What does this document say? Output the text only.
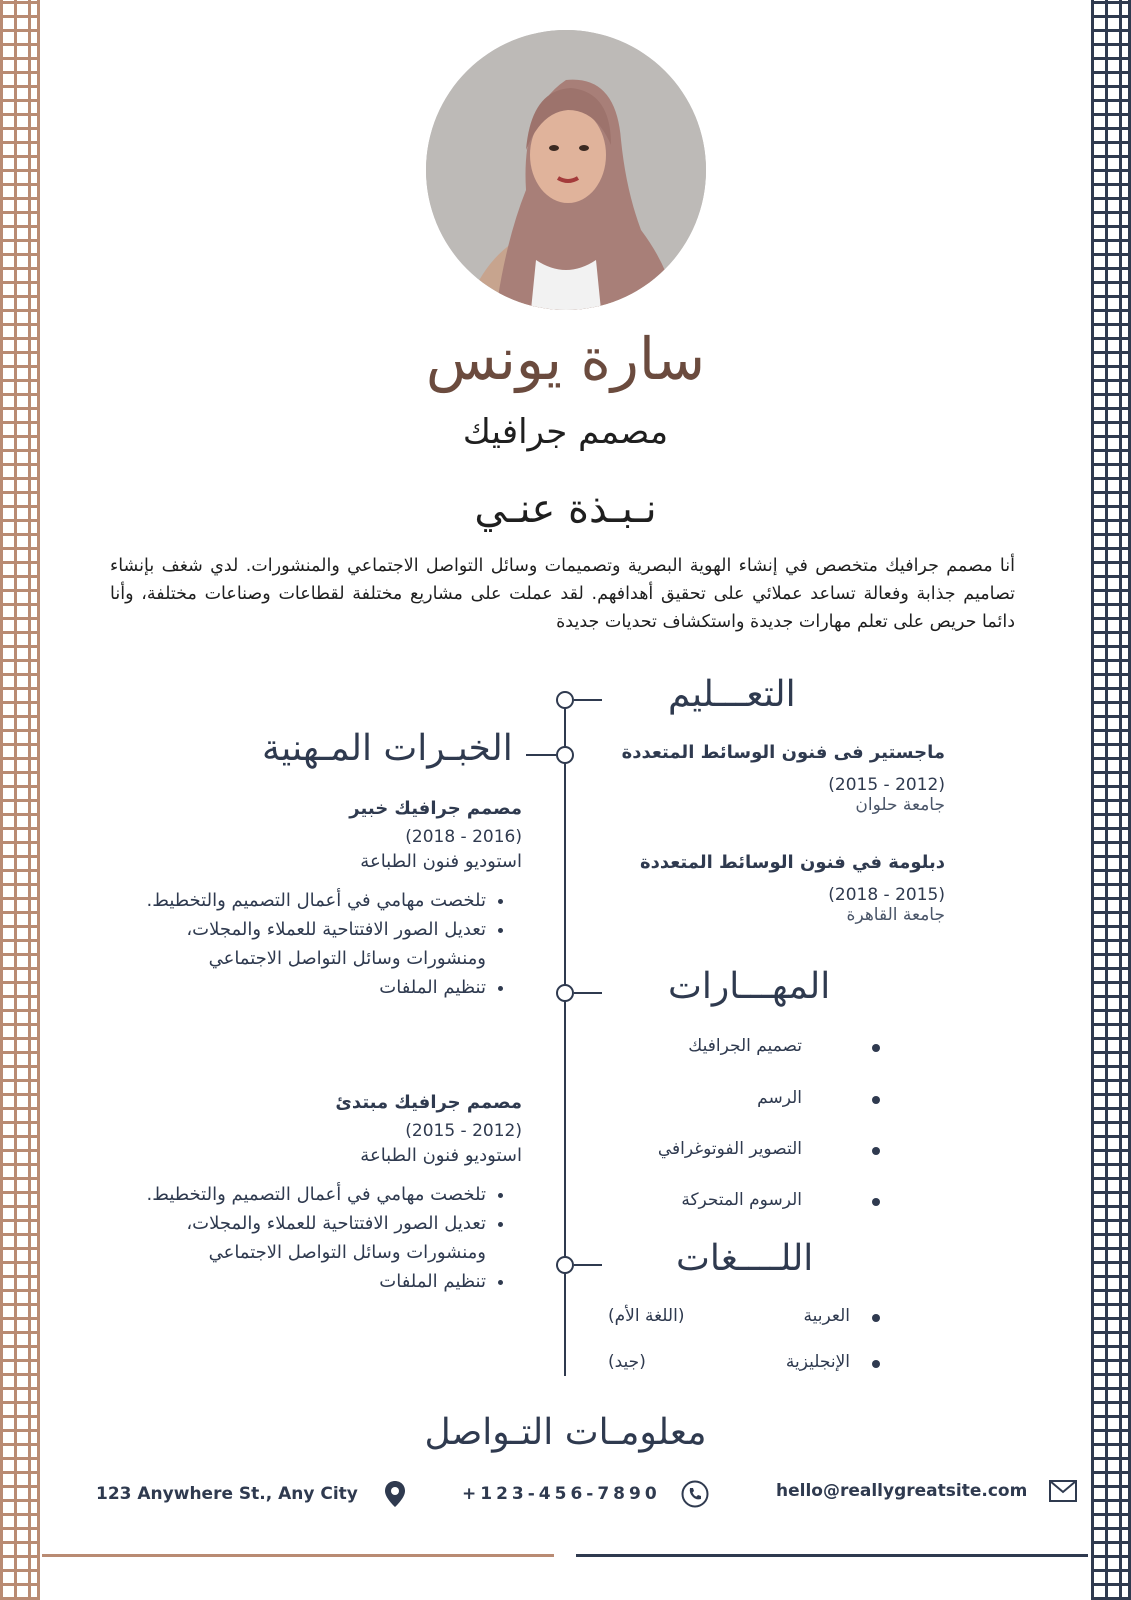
سارة يونس
مصمم جرافيك
نـبـذة عنـي
أنا مصمم جرافيك متخصص في إنشاء الهوية البصرية وتصميمات وسائل التواصل الاجتماعي والمنشورات. لدي شغف بإنشاء تصاميم جذابة وفعالة تساعد عملائي على تحقيق أهدافهم. لقد عملت على مشاريع مختلفة لقطاعات وصناعات مختلفة، وأنا دائما حريص على تعلم مهارات جديدة واستكشاف تحديات جديدة
التعـــليم
ماجستير فى فنون الوسائط المتعددة
(2012 - 2015)
جامعة حلوان
دبلومة في فنون الوسائط المتعددة
(2015 - 2018)
جامعة القاهرة
الخبـرات المـهنية
مصمم جرافيك خبير
(2016 - 2018)
استوديو فنون الطباعة
• تلخصت مهامي في أعمال التصميم والتخطيط.
• تعديل الصور الافتتاحية للعملاء والمجلات، ومنشورات وسائل التواصل الاجتماعي
• تنظيم الملفات
مصمم جرافيك مبتدئ
(2012 - 2015)
استوديو فنون الطباعة
• تلخصت مهامي في أعمال التصميم والتخطيط.
• تعديل الصور الافتتاحية للعملاء والمجلات، ومنشورات وسائل التواصل الاجتماعي
• تنظيم الملفات
المهـــارات
تصميم الجرافيك
الرسم
التصوير الفوتوغرافي
الرسوم المتحركة
اللــــغات
العربية
(اللغة الأم)
الإنجليزية
(جيد)
معلومـات التـواصل
123 Anywhere St., Any City	+123-456-7890	hello@reallygreatsite.com
